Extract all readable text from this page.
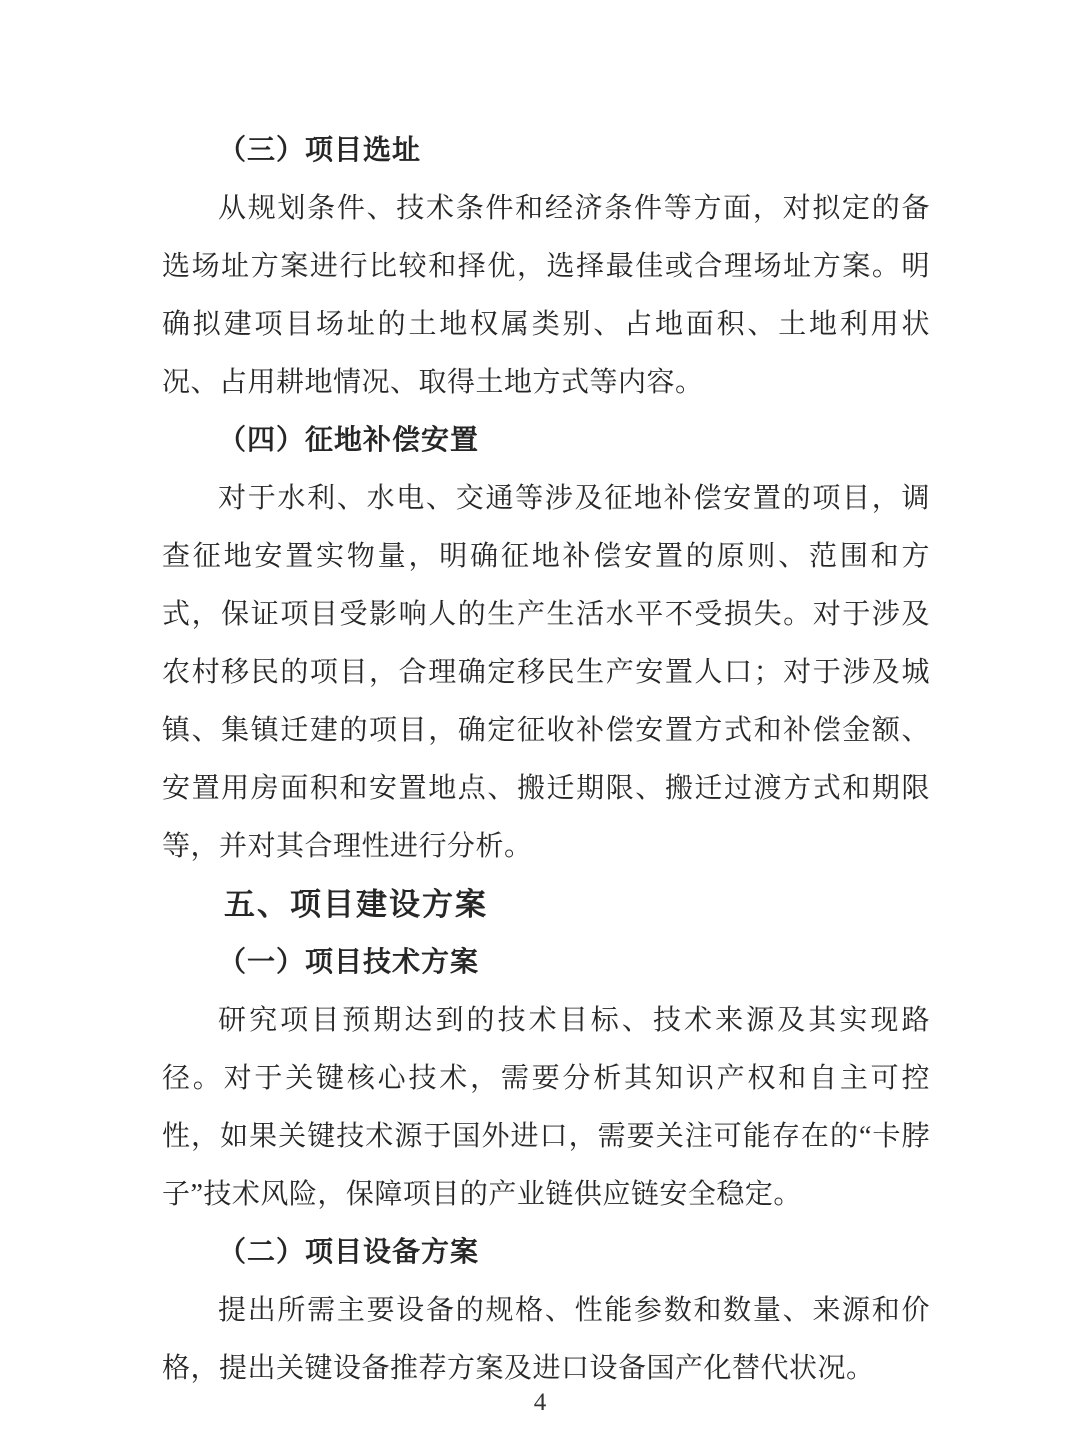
（三）项目选址

从规划条件、技术条件和经济条件等方面，对拟定的备选场址方案进行比较和择优，选择最佳或合理场址方案。明确拟建项目场址的土地权属类别、占地面积、土地利用状况、占用耕地情况、取得土地方式等内容。

（四）征地补偿安置

对于水利、水电、交通等涉及征地补偿安置的项目，调查征地安置实物量，明确征地补偿安置的原则、范围和方式，保证项目受影响人的生产生活水平不受损失。对于涉及农村移民的项目，合理确定移民生产安置人口；对于涉及城镇、集镇迁建的项目，确定征收补偿安置方式和补偿金额、安置用房面积和安置地点、搬迁期限、搬迁过渡方式和期限等，并对其合理性进行分析。

五、项目建设方案
（一）项目技术方案

研究项目预期达到的技术目标、技术来源及其实现路径。对于关键核心技术，需要分析其知识产权和自主可控性，如果关键技术源于国外进口，需要关注可能存在的“卡脖子”技术风险，保障项目的产业链供应链安全稳定。

（二）项目设备方案

提出所需主要设备的规格、性能参数和数量、来源和价格，提出关键设备推荐方案及进口设备国产化替代状况。

4
